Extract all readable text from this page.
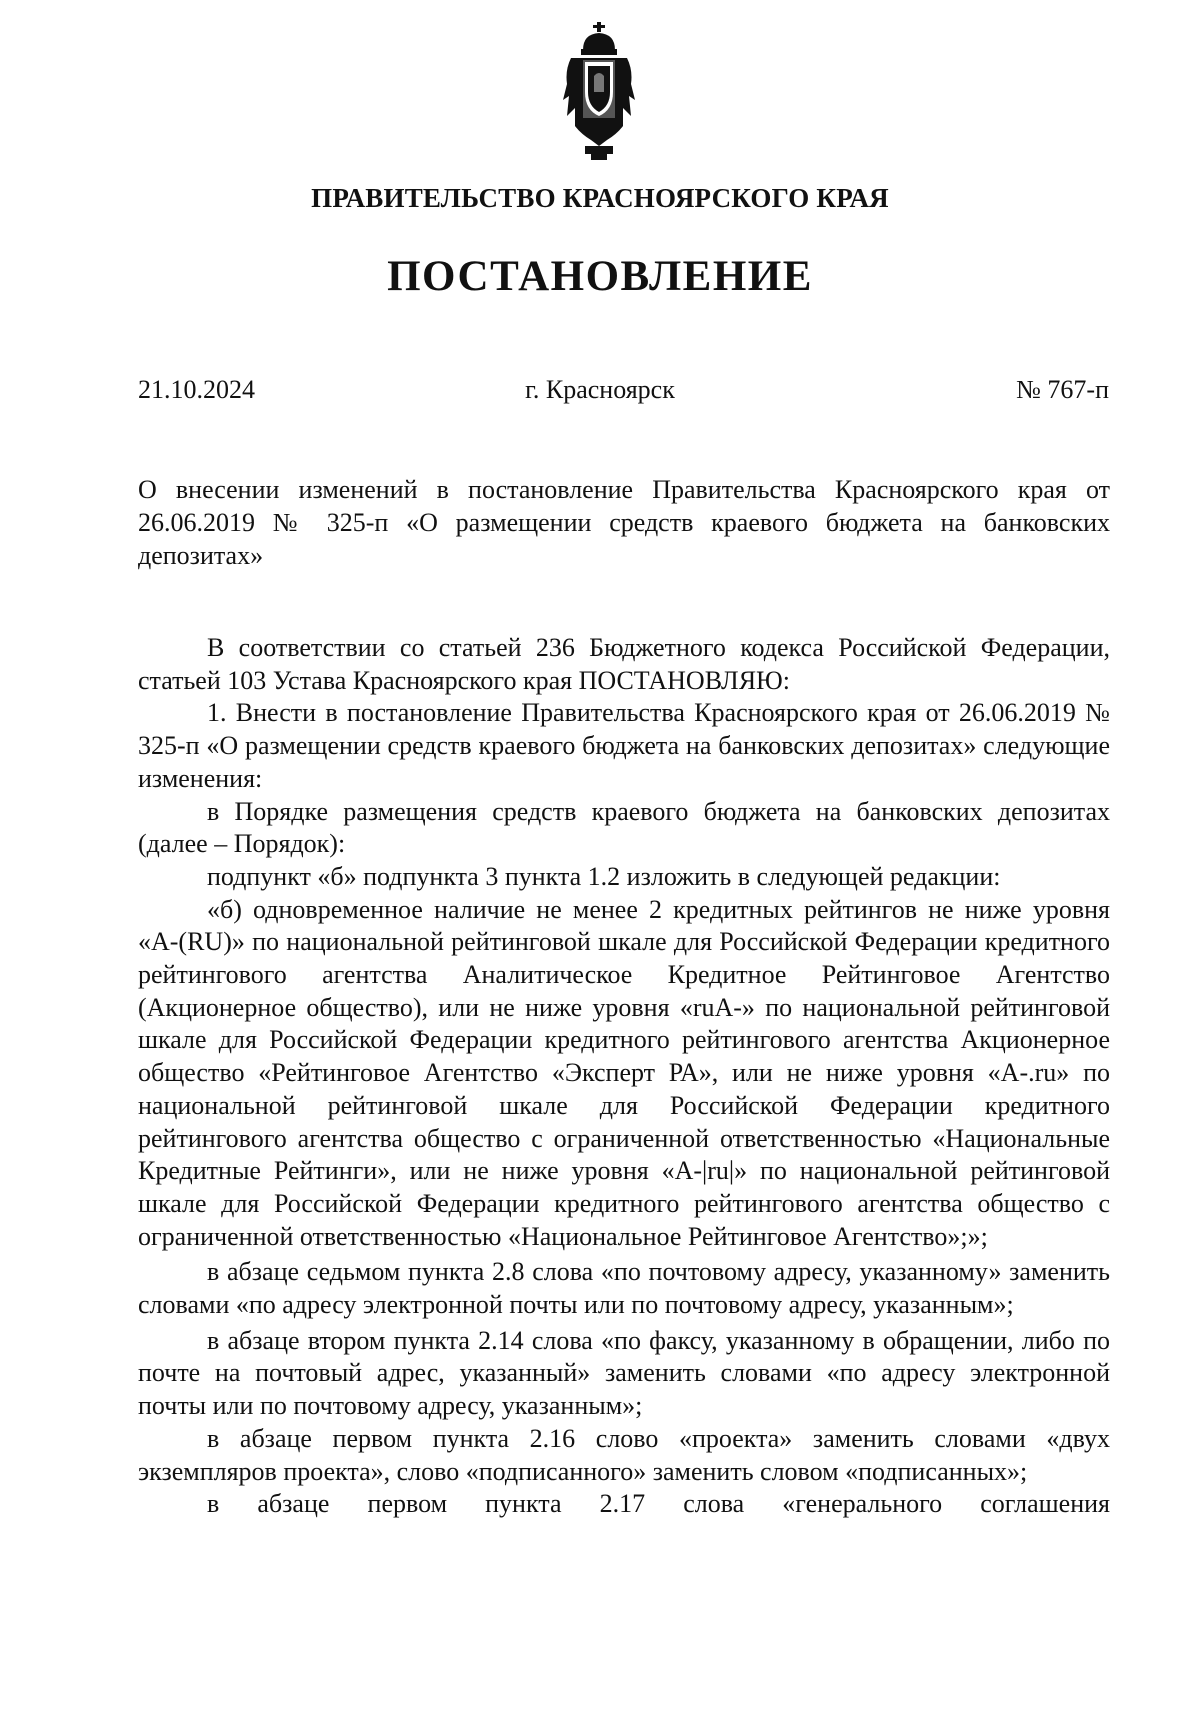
ПРАВИТЕЛЬСТВО КРАСНОЯРСКОГО КРАЯ
ПОСТАНОВЛЕНИЕ
21.10.2024	г. Красноярск	№ 767-п
О внесении изменений в постановление Правительства Красноярского края от 26.06.2019 № 325-п «О размещении средств краевого бюджета на банковских депозитах»

В соответствии со статьей 236 Бюджетного кодекса Российской Федерации, статьей 103 Устава Красноярского края ПОСТАНОВЛЯЮ:

1. Внести в постановление Правительства Красноярского края от 26.06.2019 № 325-п «О размещении средств краевого бюджета на банковских депозитах» следующие изменения:

в Порядке размещения средств краевого бюджета на банковских депозитах (далее – Порядок):

подпункт «б» подпункта 3 пункта 1.2 изложить в следующей редакции:

«б) одновременное наличие не менее 2 кредитных рейтингов не ниже уровня «A-(RU)» по национальной рейтинговой шкале для Российской Федерации кредитного рейтингового агентства Аналитическое Кредитное Рейтинговое Агентство (Акционерное общество), или не ниже уровня «ruA-» по национальной рейтинговой шкале для Российской Федерации кредитного рейтингового агентства Акционерное общество «Рейтинговое Агентство «Эксперт РА», или не ниже уровня «A-.ru» по национальной рейтинговой шкале для Российской Федерации кредитного рейтингового агентства общество с ограниченной ответственностью «Национальные Кредитные Рейтинги», или не ниже уровня «A-|ru|» по национальной рейтинговой шкале для Российской Федерации кредитного рейтингового агентства общество с ограниченной ответственностью «Национальное Рейтинговое Агентство»;»;

в абзаце седьмом пункта 2.8 слова «по почтовому адресу, указанному» заменить словами «по адресу электронной почты или по почтовому адресу, указанным»;

в абзаце втором пункта 2.14 слова «по факсу, указанному в обращении, либо по почте на почтовый адрес, указанный» заменить словами «по адресу электронной почты или по почтовому адресу, указанным»;

в абзаце первом пункта 2.16 слово «проекта» заменить словами «двух экземпляров проекта», слово «подписанного» заменить словом «подписанных»;

в абзаце первом пункта 2.17 слова «генерального соглашения
